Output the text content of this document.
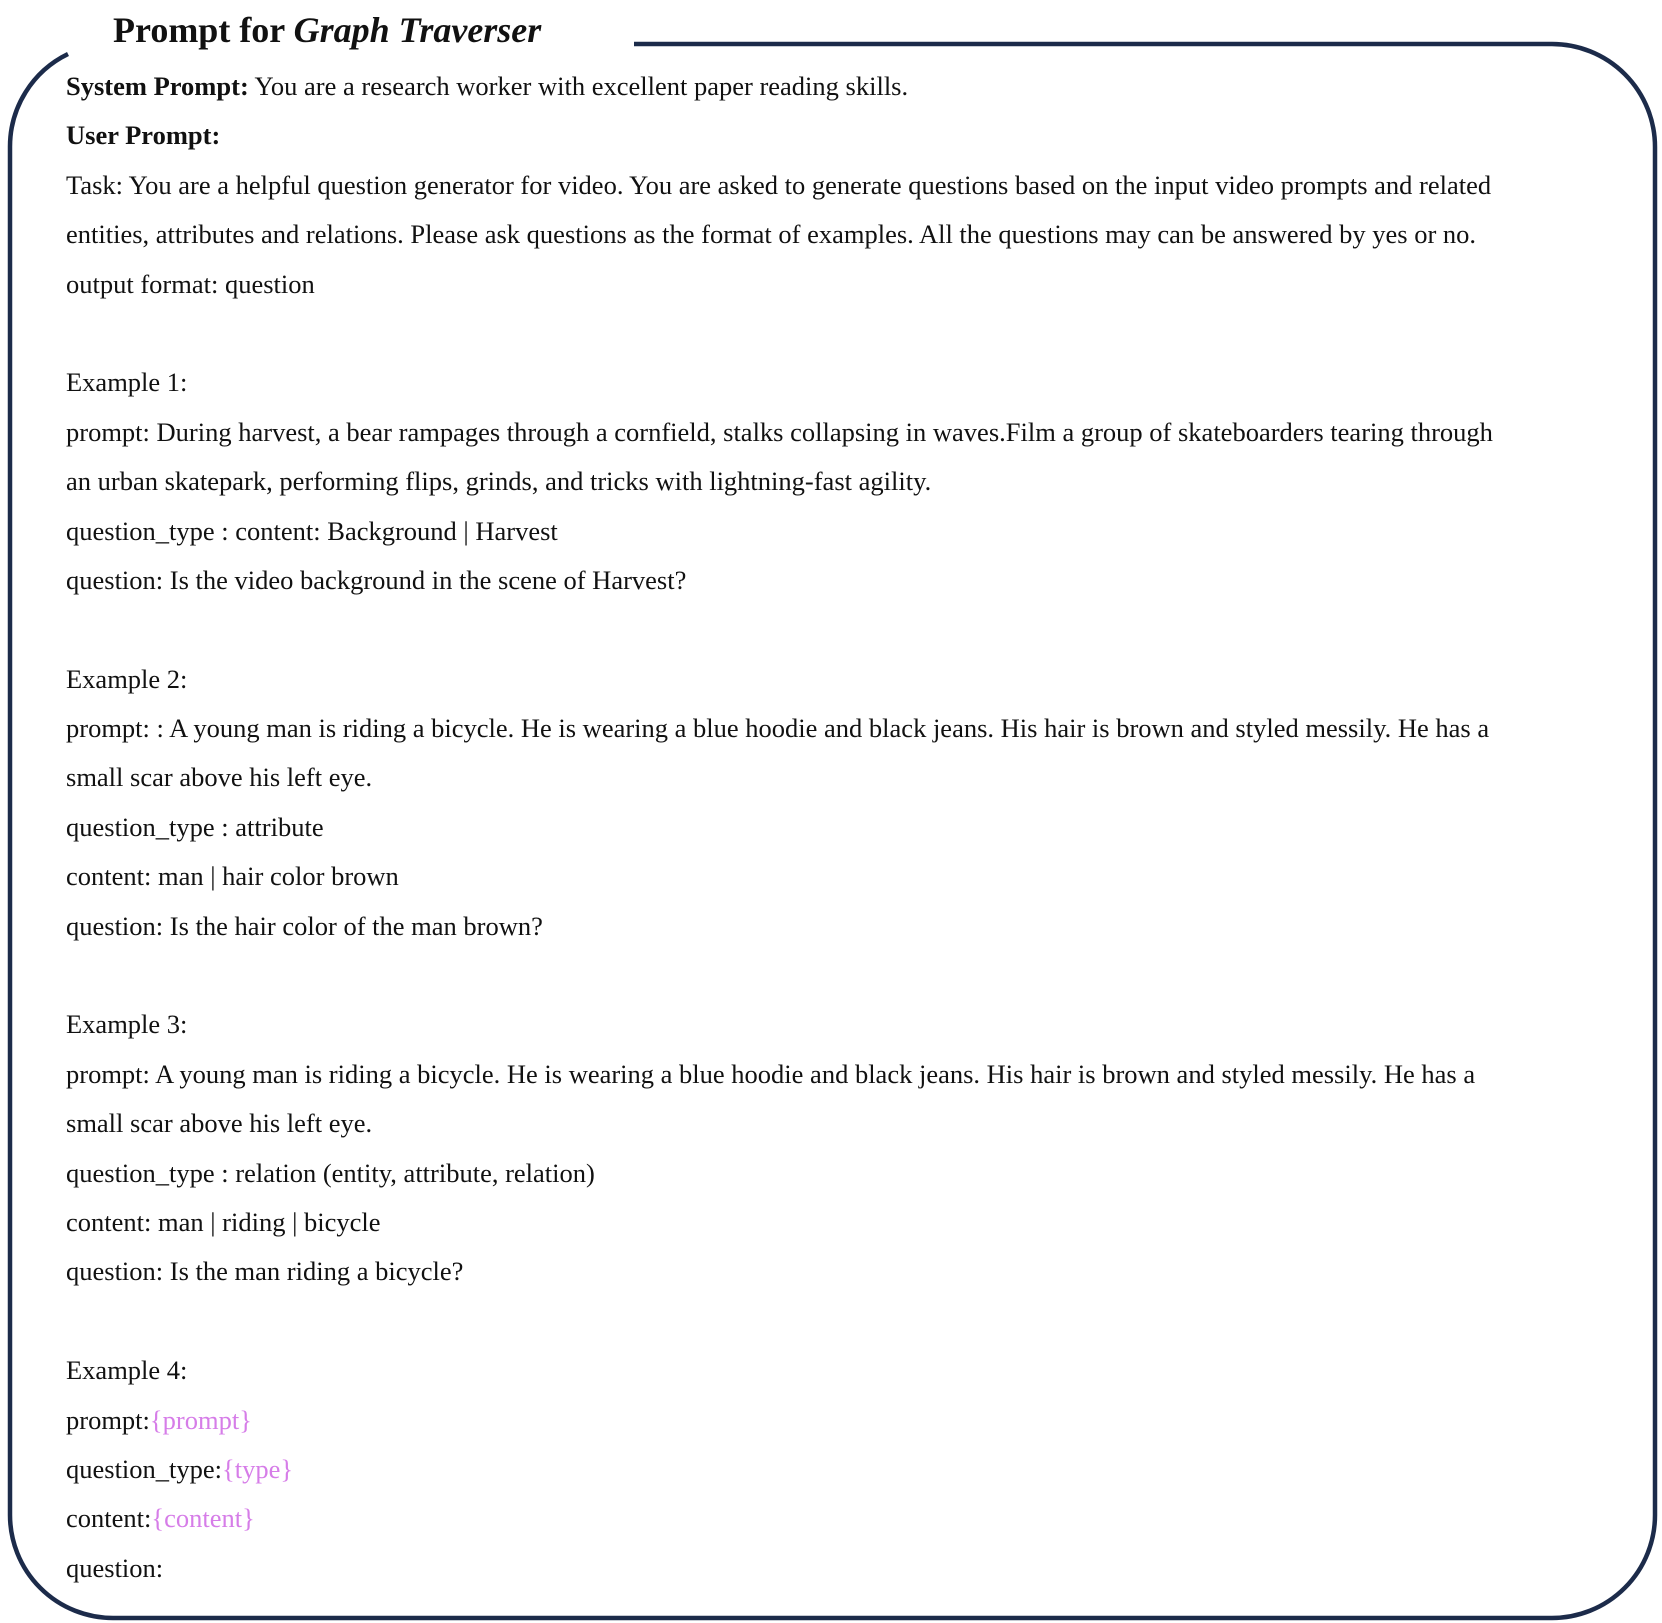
Prompt for Graph Traverser
System Prompt: You are a research worker with excellent paper reading skills.
User Prompt:
Task: You are a helpful question generator for video. You are asked to generate questions based on the input video prompts and related
entities, attributes and relations. Please ask questions as the format of examples. All the questions may can be answered by yes or no.
output format: question
Example 1:
prompt: During harvest, a bear rampages through a cornfield, stalks collapsing in waves.Film a group of skateboarders tearing through
an urban skatepark, performing flips, grinds, and tricks with lightning-fast agility.
question_type : content: Background | Harvest
question: Is the video background in the scene of Harvest?
Example 2:
prompt: : A young man is riding a bicycle. He is wearing a blue hoodie and black jeans. His hair is brown and styled messily. He has a
small scar above his left eye.
question_type : attribute
content: man | hair color brown
question: Is the hair color of the man brown?
Example 3:
prompt: A young man is riding a bicycle. He is wearing a blue hoodie and black jeans. His hair is brown and styled messily. He has a
small scar above his left eye.
question_type : relation (entity, attribute, relation)
content: man | riding | bicycle
question: Is the man riding a bicycle?
Example 4:
prompt:{prompt}
question_type:{type}
content:{content}
question:
